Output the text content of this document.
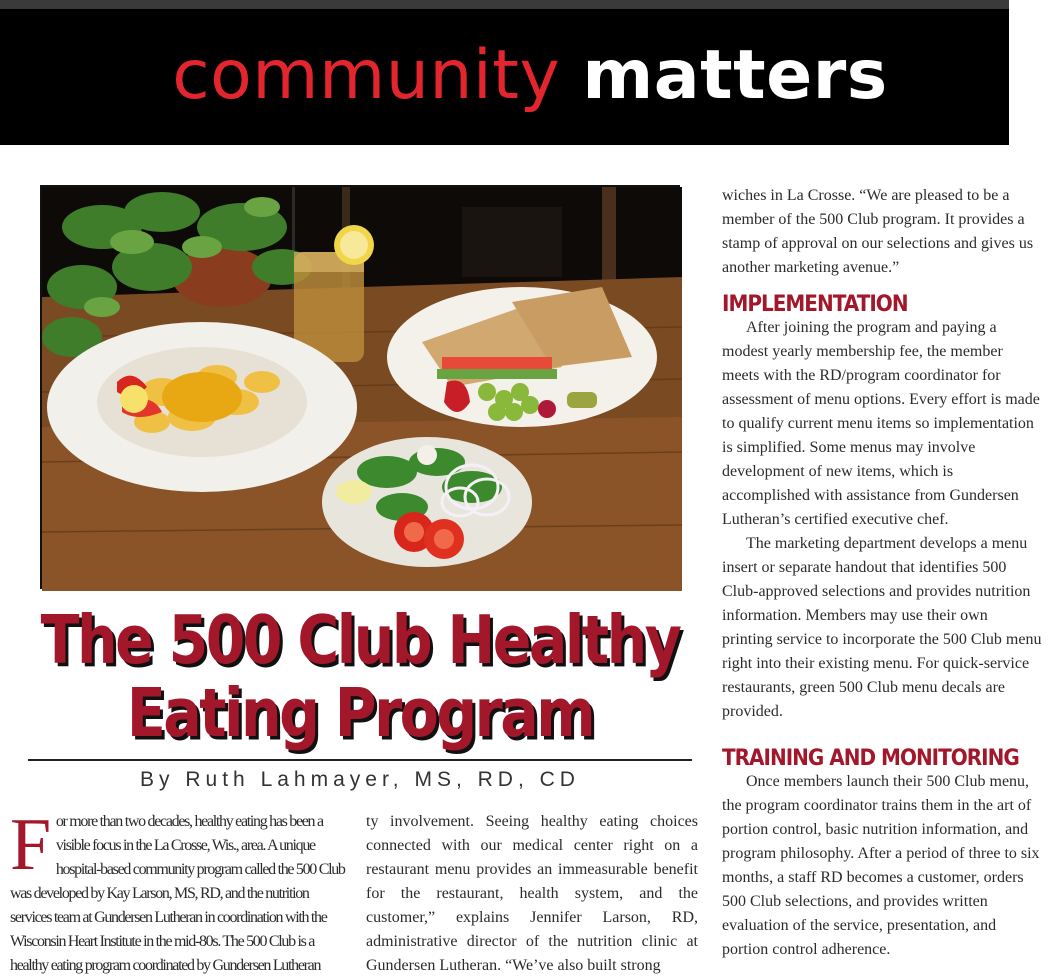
community matters
The 500 Club Healthy
Eating Program
By Ruth Lahmayer, MS, RD, CD
For more than two decades, healthy eating has been a visible focus in the La Crosse, Wis., area. A unique hospital-based community program called the 500 Club was developed by Kay Larson, MS, RD, and the nutrition services team at Gundersen Lutheran in coordination with the Wisconsin Heart Institute in the mid-80s. The 500 Club is a healthy eating program coordinated by Gundersen Lutheran

ty involvement. Seeing healthy eating choices connected with our medical center right on a restaurant menu provides an immeasurable benefit for the restaurant, health system, and the customer,” explains Jennifer Larson, RD, administrative director of the nutrition clinic at Gundersen Lutheran. “We’ve also built strong

wiches in La Crosse. “We are pleased to be a member of the 500 Club program. It provides a stamp of approval on our selections and gives us another marketing avenue.”

IMPLEMENTATION

After joining the program and paying a modest yearly membership fee, the member meets with the RD/program coordinator for assessment of menu options. Every effort is made to qualify current menu items so implementation is simplified. Some menus may involve development of new items, which is accomplished with assistance from Gundersen Lutheran’s certified executive chef.

The marketing department develops a menu insert or separate handout that identifies 500 Club-approved selections and provides nutrition information. Members may use their own printing service to incorporate the 500 Club menu right into their existing menu. For quick-service restaurants, green 500 Club menu decals are provided.

TRAINING AND MONITORING

Once members launch their 500 Club menu, the program coordinator trains them in the art of portion control, basic nutrition information, and program philosophy. After a period of three to six months, a staff RD becomes a customer, orders 500 Club selections, and provides written evaluation of the service, presentation, and portion control adherence.
